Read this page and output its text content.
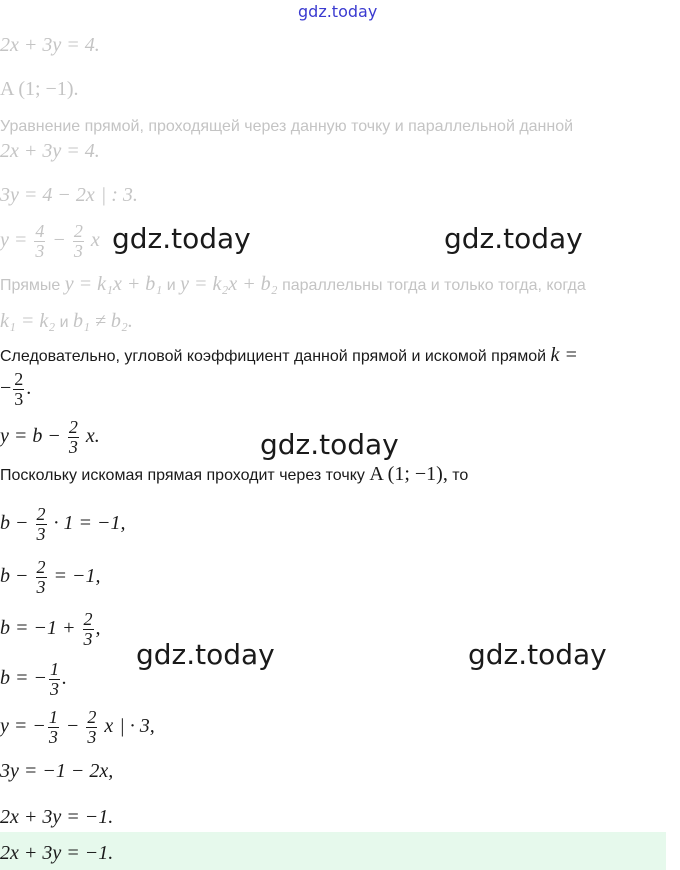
gdz.today
gdz.today	gdz.today
gdz.today
gdz.today	gdz.today
2x + 3y = 4.
A (1; −1).
Уравнение прямой, проходящей через данную точку и параллельной данной
2x + 3y = 4.
3y = 4 − 2x | : 3.
$y = \frac{4}{3} - \frac{2}{3}$ x
Прямые y = k₁x + b₁ и y = k₂x + b₂ параллельны тогда и только тогда, когда
k₁ = k₂ и b₁ ≠ b₂.
Следовательно, угловой коэффициент данной прямой и искомой прямой k =
− $\frac{2}{3}$ .
$y = b - \frac{2}{3} x$.
Поскольку искомая прямая проходит через точку A (1; −1), то
$b - \frac{2}{3} \cdot 1 = -1$,
$b - \frac{2}{3} = -1$,
$b = -1 + \frac{2}{3}$ ,
b = − $\frac{1}{3}$ .
y = − $\frac{1}{3} - \frac{2}{3}$ x | · 3,
3y = −1 − 2x,
2x + 3y = −1.
2x + 3y = −1.
